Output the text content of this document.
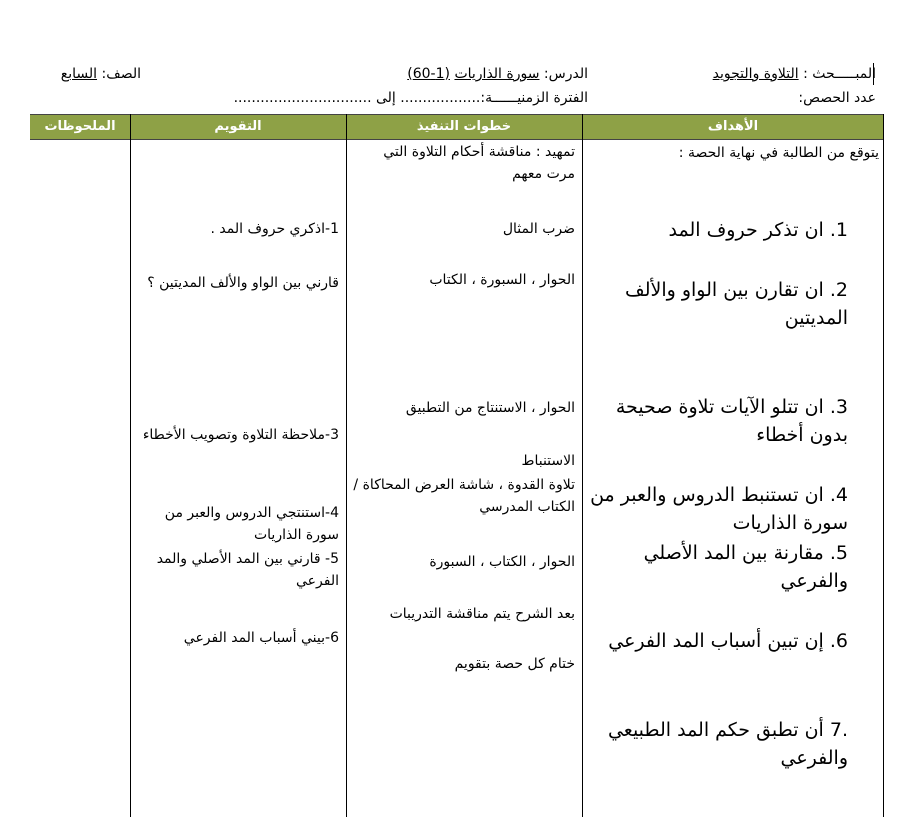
المبـــــحث : التلاوة والتجويد
الدرس: سورة الذاريات (1-60)
الصف: السابع
عدد الحصص:
الفترة الزمنيــــــة:.................. إلى ...............................
الأهداف
خطوات التنفيذ
التقويم
الملحوظات
يتوقع من الطالبة في نهاية الحصة :
1. ان تذكر حروف المد
2. ان تقارن بين الواو والألف المديتين
3. ان تتلو الآيات تلاوة صحيحة بدون أخطاء
4. ان تستنبط الدروس والعبر من سورة الذاريات
5. مقارنة بين المد الأصلي والفرعي
6. إن تبين أسباب المد الفرعي
.7 أن تطبق حكم المد الطبيعي والفرعي
تمهيد : مناقشة أحكام التلاوة التي مرت معهم
ضرب المثال
الحوار ، السبورة ، الكتاب
الحوار ، الاستنتاج من التطبيق
الاستنباط
تلاوة القدوة ، شاشة العرض المحاكاة / الكتاب المدرسي
الحوار ، الكتاب ، السبورة
بعد الشرح يتم مناقشة التدريبات
ختام كل حصة بتقويم
1-اذكري حروف المد .
قارني بين الواو والألف المديتين ؟
3-ملاحظة التلاوة وتصويب الأخطاء
4-استنتجي الدروس والعبر من سورة الذاريات
5- قارني بين المد الأصلي والمد الفرعي
6-بيني أسباب المد الفرعي
